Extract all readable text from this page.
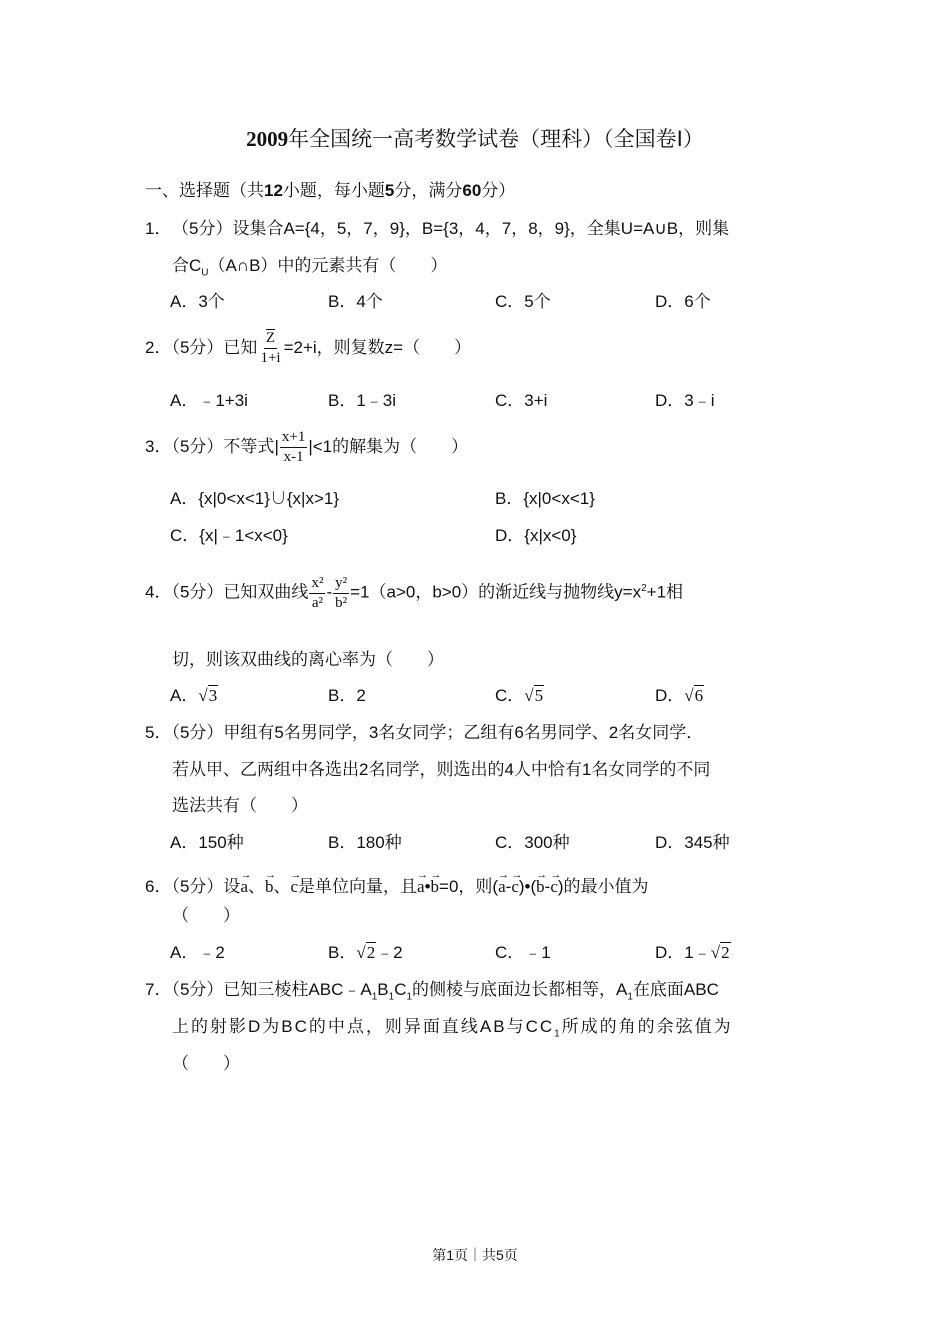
2009年全国统一高考数学试卷（理科）（全国卷Ⅰ）
一、选择题（共12小题，每小题5分，满分60分）
1． （5分）设集合A={4，5，7，9}，B={3，4，7，8，9}，全集U=A∪B，则集
合$C_U(A\cap B)$中的元素共有（　　）
A．3个	B．4个	C．5个	D．6个
2．（5分）已知 $\frac{\overline{Z}}{1+i} =2+i$，则复数z=（　　）
A．﹣1+3i	B．1﹣3i	C．3+i	D．3﹣i
3．（5分）不等式| $\frac{x+1}{x-1} |<1$的解集为（　　）
A．{x|0<x<1}∪{x|x>1}	B．{x|0<x<1}
C．{x|﹣1<x<0}	D．{x|x<0}
4．（5分）已知双曲线 $\frac{\text{x²}}{\text{a²}} - \frac{\text{y²}}{\text{b²}} =1(a>0$，b>0）的渐近线与抛物线$y=x^2+1$相
切，则该双曲线的离心率为（　　）
A．√3	B．2	C．√5	D．√6
5．（5分）甲组有5名男同学，3名女同学；乙组有6名男同学、2名女同学．
若从甲、乙两组中各选出2名同学，则选出的4人中恰有1名女同学的不同
选法共有（　　）
A．150种	B．180种	C．300种	D．345种
6．（5分）设→ a、→ b、→ c是单位向量，且→ a•→ b=0，则(→ a-→ c)•(→ b-→ c)的最小值为
（　　）
A．﹣2	B．√2﹣2	C．﹣1	D．1﹣√2
7．（5分）已知三棱柱$ABC﹣A_1B_1C_1$的侧棱与底面边长都相等，$A_1$在底面ABC
上的射影D为BC的中点，则异面直线AB与$CC_1$所成的角的余弦值为
（　　）
第1页｜共5页
